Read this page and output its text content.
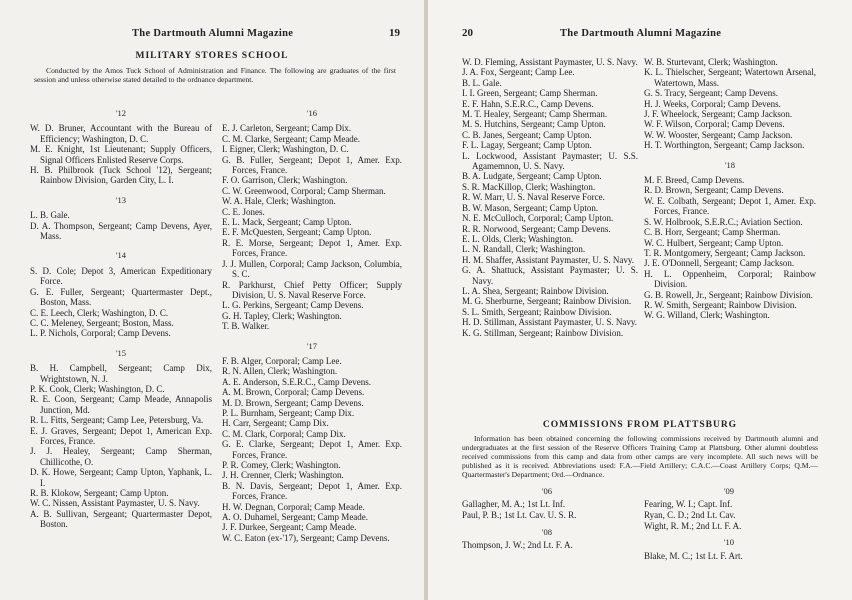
The Dartmouth Alumni Magazine	19
MILITARY STORES SCHOOL
Conducted by the Amos Tuck School of Administration and Finance. The following are graduates of the first session and unless otherwise stated detailed to the ordnance department.
'12
W. D. Bruner, Accountant with the Bureau of Efficiency; Washington, D. C.
M. E. Knight, 1st Lieutenant; Supply Officers, Signal Officers Enlisted Reserve Corps.
H. B. Philbrook (Tuck School '12), Sergeant; Rainbow Division, Garden City, L. I.
'13
L. B. Gale.
D. A. Thompson, Sergeant; Camp Devens, Ayer, Mass.
'14
S. D. Cole; Depot 3, American Expeditionary Force.
G. E. Fuller, Sergeant; Quartermaster Dept., Boston, Mass.
C. E. Leech, Clerk; Washington, D. C.
C. C. Meleney, Sergeant; Boston, Mass.
L. P. Nichols, Corporal; Camp Devens.
'15
B. H. Campbell, Sergeant; Camp Dix, Wrightstown, N. J.
P. K. Cook, Clerk; Washington, D. C.
R. E. Coon, Sergeant; Camp Meade, Annapolis Junction, Md.
R. L. Fitts, Sergeant; Camp Lee, Petersburg, Va.
E. J. Graves, Sergeant; Depot 1, American Exp. Forces, France.
J. J. Healey, Sergeant; Camp Sherman, Chillicothe, O.
D. K. Howe, Sergeant; Camp Upton, Yaphank, L. I.
R. B. Klokow, Sergeant; Camp Upton.
W. C. Nissen, Assistant Paymaster, U. S. Navy.
A. B. Sullivan, Sergeant; Quartermaster Depot, Boston.
'16
E. J. Carleton, Sergeant; Camp Dix.
C. M. Clarke, Sergeant; Camp Meade.
I. Eigner, Clerk; Washington, D. C.
G. B. Fuller, Sergeant; Depot 1, Amer. Exp. Forces, France.
F. O. Garrison, Clerk; Washington.
C. W. Greenwood, Corporal; Camp Sherman.
W. A. Hale, Clerk; Washington.
C. E. Jones.
E. L. Mack, Sergeant; Camp Upton.
E. F. McQuesten, Sergeant; Camp Upton.
R. E. Morse, Sergeant; Depot 1, Amer. Exp. Forces, France.
J. J. Mullen, Corporal; Camp Jackson, Columbia, S. C.
R. Parkhurst, Chief Petty Officer; Supply Division, U. S. Naval Reserve Force.
L. G. Perkins, Sergeant; Camp Devens.
G. H. Tapley, Clerk; Washington.
T. B. Walker.
'17
F. B. Alger, Corporal; Camp Lee.
R. N. Allen, Clerk; Washington.
A. E. Anderson, S.E.R.C., Camp Devens.
A. M. Brown, Corporal; Camp Devens.
M. D. Brown, Sergeant; Camp Devens.
P. L. Burnham, Sergeant; Camp Dix.
H. Carr, Sergeant; Camp Dix.
C. M. Clark, Corporal; Camp Dix.
G. E. Clarke, Sergeant; Depot 1, Amer. Exp. Forces, France.
P. R. Comey, Clerk; Washington.
J. H. Crenner, Clerk; Washington.
B. N. Davis, Sergeant; Depot 1, Amer. Exp. Forces, France.
H. W. Degnan, Corporal; Camp Meade.
A. O. Duhamel, Sergeant; Camp Meade.
J. F. Durkee, Sergeant; Camp Meade.
W. C. Eaton (ex-'17), Sergeant; Camp Devens.
20	The Dartmouth Alumni Magazine
W. D. Fleming, Assistant Paymaster, U. S. Navy.
J. A. Fox, Sergeant; Camp Lee.
B. L. Gale.
I. I. Green, Sergeant; Camp Sherman.
E. F. Hahn, S.E.R.C., Camp Devens.
M. T. Healey, Sergeant; Camp Sherman.
M. S. Hutchins, Sergeant; Camp Upton.
C. B. Janes, Sergeant; Camp Upton.
F. L. Lagay, Sergeant; Camp Upton.
L. Lockwood, Assistant Paymaster; U. S.S. Agamemnon, U. S. Navy.
B. A. Ludgate, Sergeant; Camp Upton.
S. R. MacKillop, Clerk; Washington.
R. W. Marr, U. S. Naval Reserve Force.
B. W. Mason, Sergeant; Camp Upton.
N. E. McCulloch, Corporal; Camp Upton.
R. R. Norwood, Sergeant; Camp Devens.
E. L. Olds, Clerk; Washington.
L. N. Randall, Clerk; Washington.
H. M. Shaffer, Assistant Paymaster, U. S. Navy.
G. A. Shattuck, Assistant Paymaster; U. S. Navy.
L. A. Shea, Sergeant; Rainbow Division.
M. G. Sherburne, Sergeant; Rainbow Division.
S. L. Smith, Sergeant; Rainbow Division.
H. D. Stillman, Assistant Paymaster, U. S. Navy.
K. G. Stillman, Sergeant; Rainbow Division.
W. B. Sturtevant, Clerk; Washington.
K. L. Thielscher, Sergeant; Watertown Arsenal, Watertown, Mass.
G. S. Tracy, Sergeant; Camp Devens.
H. J. Weeks, Corporal; Camp Devens.
J. F. Wheelock, Sergeant; Camp Jackson.
W. F. Wilson, Corporal; Camp Devens.
W. W. Wooster, Sergeant; Camp Jackson.
H. T. Worthington, Sergeant; Camp Jackson.
'18
M. F. Breed, Camp Devens.
R. D. Brown, Sergeant; Camp Devens.
W. E. Colbath, Sergeant; Depot 1, Amer. Exp. Forces, France.
S. W. Holbrook, S.E.R.C.; Aviation Section.
C. B. Horr, Sergeant; Camp Sherman.
W. C. Hulbert, Sergeant; Camp Upton.
T. R. Montgomery, Sergeant; Camp Jackson.
J. E. O'Donnell, Sergeant; Camp Jackson.
H. L. Oppenheim, Corporal; Rainbow Division.
G. B. Rowell, Jr., Sergeant; Rainbow Division.
R. W. Smith, Sergeant; Rainbow Division.
W. G. Willand, Clerk; Washington.
COMMISSIONS FROM PLATTSBURG
Information has been obtained concerning the following commissions received by Dartmouth alumni and undergraduates at the first session of the Reserve Officers Training Camp at Plattsburg. Other alumni doubtless received commissions from this camp and data from other camps are very incomplete. All such news will be published as it is received. Abbreviations used: F.A.—Field Artillery; C.A.C.—Coast Artillery Corps; Q.M.—Quartermaster's Department; Ord.—Ordnance.
'06
Gallagher, M. A.; 1st Lt. Inf.
Paul, P. B.; 1st Lt. Cav. U. S. R.
'08
Thompson, J. W.; 2nd Lt. F. A.
'09
Fearing, W. I.; Capt. Inf.
Ryan, C. D.; 2nd Lt. Cav.
Wight, R. M.; 2nd Lt. F. A.
'10
Blake, M. C.; 1st Lt. F. Art.
